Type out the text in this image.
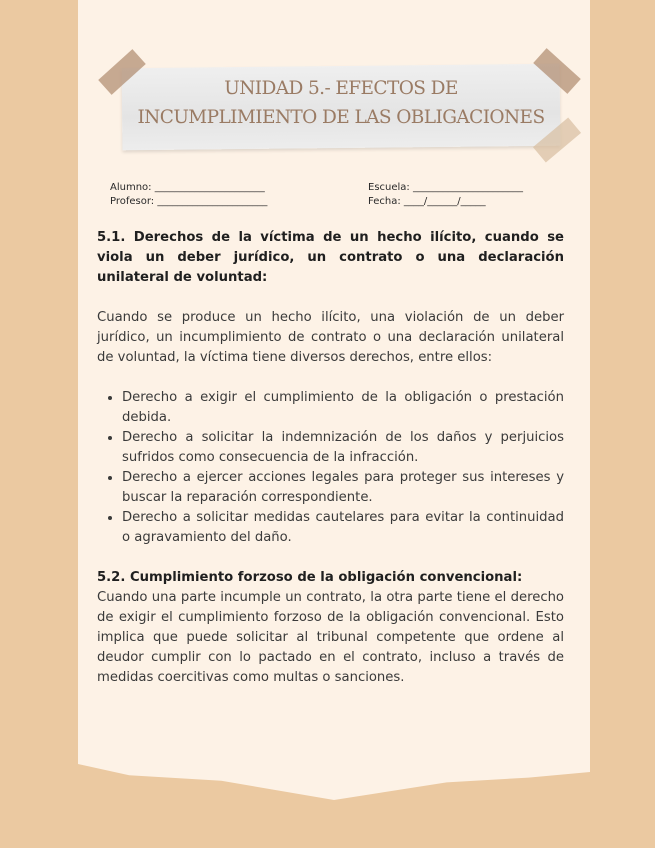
UNIDAD 5.- EFECTOS DE
INCUMPLIMIENTO DE LAS OBLIGACIONES
Alumno: ______________________
Profesor: ______________________
Escuela: ______________________
Fecha: ____/______/_____
5.1. Derechos de la víctima de un hecho ilícito, cuando se viola un deber jurídico, un contrato o una declaración unilateral de voluntad:

Cuando se produce un hecho ilícito, una violación de un deber jurídico, un incumplimiento de contrato o una declaración unilateral de voluntad, la víctima tiene diversos derechos, entre ellos:

• Derecho a exigir el cumplimiento de la obligación o prestación debida.
• Derecho a solicitar la indemnización de los daños y perjuicios sufridos como consecuencia de la infracción.
• Derecho a ejercer acciones legales para proteger sus intereses y buscar la reparación correspondiente.
• Derecho a solicitar medidas cautelares para evitar la continuidad o agravamiento del daño.
5.2. Cumplimiento forzoso de la obligación convencional:

Cuando una parte incumple un contrato, la otra parte tiene el derecho de exigir el cumplimiento forzoso de la obligación convencional. Esto implica que puede solicitar al tribunal competente que ordene al deudor cumplir con lo pactado en el contrato, incluso a través de medidas coercitivas como multas o sanciones.
